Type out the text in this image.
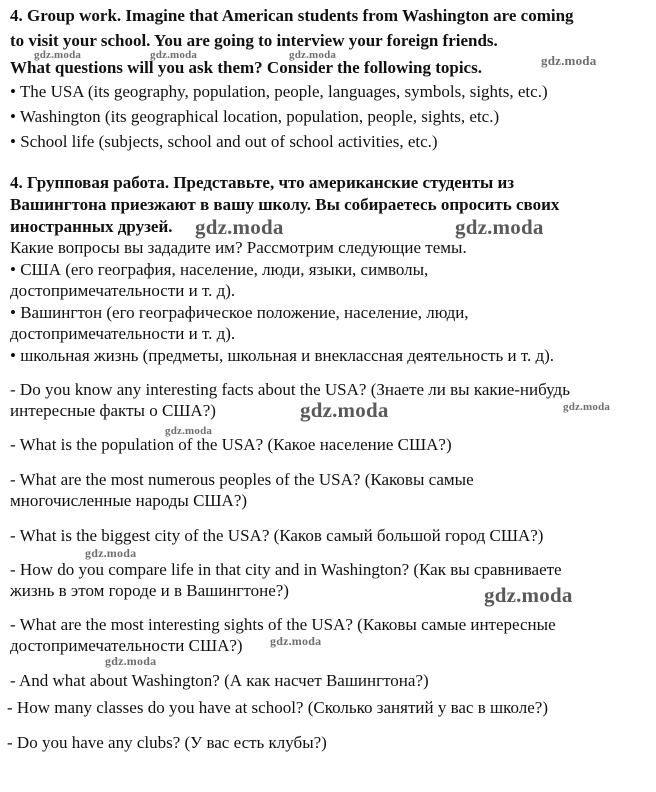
4. Group work. Imagine that American students from Washington are coming
to visit your school. You are going to interview your foreign friends.
What questions will you ask them? Consider the following topics.
• The USA (its geography, population, people, languages, symbols, sights, etc.)
• Washington (its geographical location, population, people, sights, etc.)
• School life (subjects, school and out of school activities, etc.)
4. Групповая работа. Представьте, что американские студенты из
Вашингтона приезжают в вашу школу. Вы собираетесь опросить своих
иностранных друзей.
Какие вопросы вы зададите им? Рассмотрим следующие темы.
• США (его география, население, люди, языки, символы,
достопримечательности и т. д).
• Вашингтон (его географическое положение, население, люди,
достопримечательности и т. д).
• школьная жизнь (предметы, школьная и внеклассная деятельность и т. д).
- Do you know any interesting facts about the USA? (Знаете ли вы какие-нибудь
интересные факты о США?)
- What is the population of the USA? (Какое население США?)
- What are the most numerous peoples of the USA? (Каковы самые
многочисленные народы США?)
- What is the biggest city of the USA? (Каков самый большой город США?)
- How do you compare life in that city and in Washington? (Как вы сравниваете
жизнь в этом городе и в Вашингтоне?)
- What are the most interesting sights of the USA? (Каковы самые интересные
достопримечательности США?)
- And what about Washington? (А как насчет Вашингтона?)
- How many classes do you have at school? (Сколько занятий у вас в школе?)
- Do you have any clubs? (У вас есть клубы?)
gdz.moda	gdz.moda	gdz.moda	gdz.moda
gdz.moda	gdz.moda
gdz.moda	gdz.moda
gdz.moda
gdz.moda
gdz.moda
gdz.moda
gdz.moda
